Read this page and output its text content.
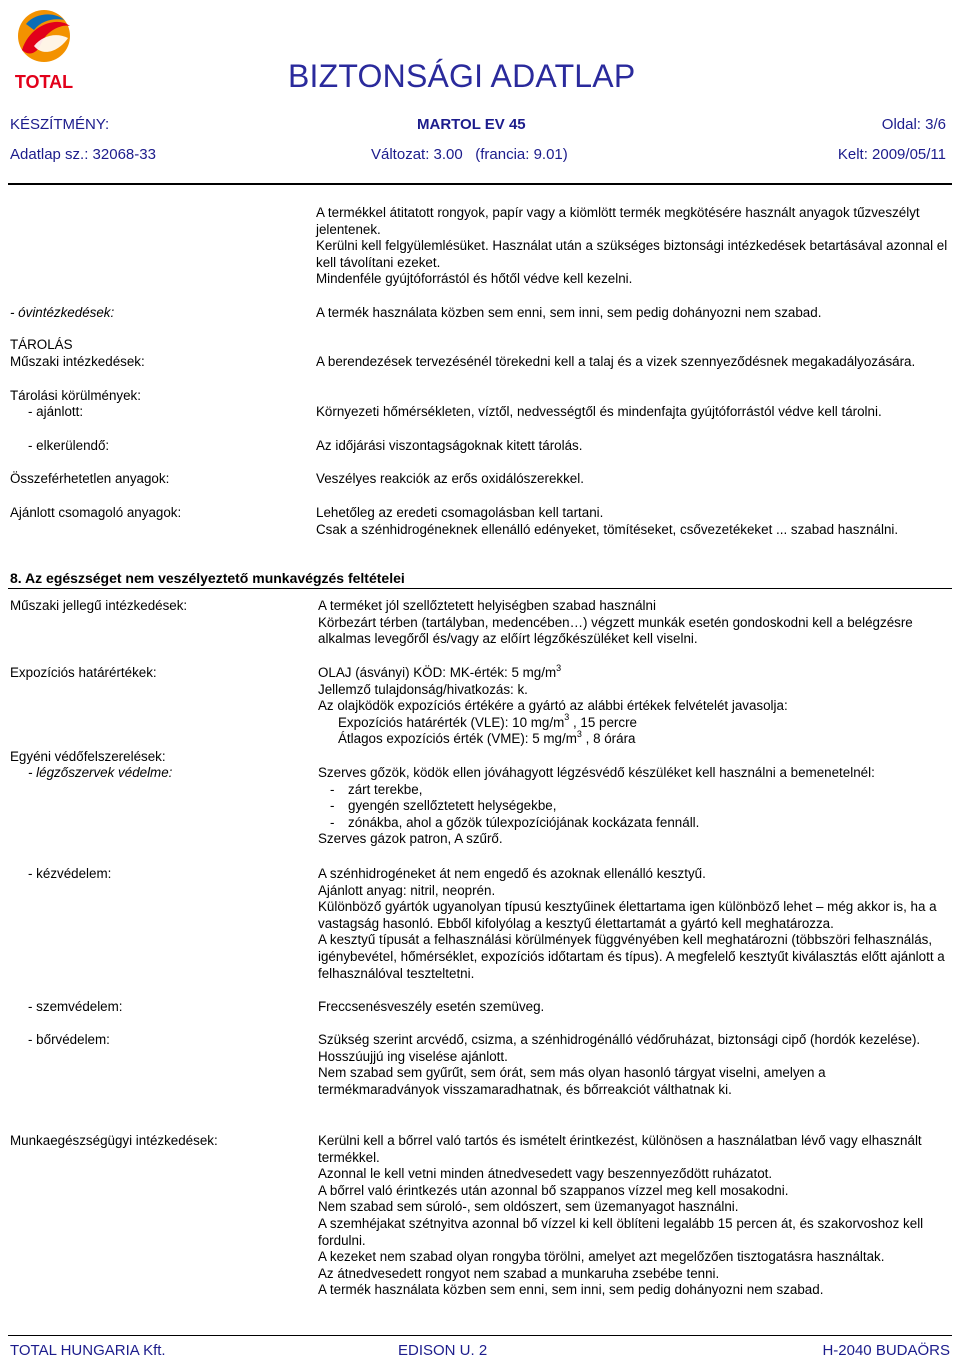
TOTAL	BIZTONSÁGI ADATLAP
KÉSZÍTMÉNY:	MARTOL EV 45	Oldal: 3/6
Adatlap sz.: 32068-33	Változat: 3.00   (francia: 9.01)	Kelt: 2009/05/11
A termékkel átitatott rongyok, papír vagy a kiömlött termék megkötésére használt anyagok tűzveszélyt jelentenek.
Kerülni kell felgyülemlésüket. Használat után a szükséges biztonsági intézkedések betartásával azonnal el kell távolítani ezeket.
Mindenféle gyújtóforrástól és hőtől védve kell kezelni.
- óvintézkedések:	A termék használata közben sem enni, sem inni, sem pedig dohányozni nem szabad.
TÁROLÁS
Műszaki intézkedések:	A berendezések tervezésénél törekedni kell a talaj és a vizek szennyeződésnek megakadályozására.
Tárolási körülmények:
- ajánlott:	Környezeti hőmérsékleten, víztől, nedvességtől és mindenfajta gyújtóforrástól védve kell tárolni.
- elkerülendő:	Az időjárási viszontagságoknak kitett tárolás.
Összeférhetetlen anyagok:	Veszélyes reakciók az erős oxidálószerekkel.
Ajánlott csomagoló anyagok:	Lehetőleg az eredeti csomagolásban kell tartani.
Csak a szénhidrogéneknek ellenálló edényeket, tömítéseket, csővezetékeket ... szabad használni.
8. Az egészséget nem veszélyeztető munkavégzés feltételei
Műszaki jellegű intézkedések:	A terméket jól szellőztetett helyiségben szabad használni
Körbezárt térben (tartályban, medencében…) végzett munkák esetén gondoskodni kell a belégzésre alkalmas levegőről és/vagy az előírt légzőkészüléket kell viselni.
Expozíciós határértékek:	OLAJ (ásványi) KÖD: MK-érték: 5 $mg/m^3$
Jellemző tulajdonság/hivatkozás: k.
Az olajködök expozíciós értékére a gyártó az alábbi értékek felvételét javasolja:
Expozíciós határérték (VLE): 10 $mg/m^3$ , 15 percre
Átlagos expozíciós érték (VME): 5 $mg/m^3$ , 8 órára
Egyéni védőfelszerelések:
- légzőszervek védelme:	Szerves gőzök, ködök ellen jóváhagyott légzésvédő készüléket kell használni a bemenetelnél:
- zárt terekbe,
- gyengén szellőztetett helységekbe,
- zónákba, ahol a gőzök túlexpozíciójának kockázata fennáll.
Szerves gázok patron, A szűrő.
- kézvédelem:	A szénhidrogéneket át nem engedő és azoknak ellenálló kesztyű.
Ajánlott anyag: nitril, neoprén.
Különböző gyártók ugyanolyan típusú kesztyűinek élettartama igen különböző lehet – még akkor is, ha a vastagság hasonló. Ebből kifolyólag a kesztyű élettartamát a gyártó kell meghatározza.
A kesztyű típusát a felhasználási körülmények függvényében kell meghatározni (többszöri felhasználás, igénybevétel, hőmérséklet, expozíciós időtartam és típus). A megfelelő kesztyűt kiválasztás előtt ajánlott a felhasználóval teszteltetni.
- szemvédelem:	Freccsenésveszély esetén szemüveg.
- bőrvédelem:	Szükség szerint arcvédő, csizma, a szénhidrogénálló védőruházat, biztonsági cipő (hordók kezelése).
Hosszúujjú ing viselése ajánlott.
Nem szabad sem gyűrűt, sem órát, sem más olyan hasonló tárgyat viselni, amelyen a termékmaradványok visszamaradhatnak, és bőrreakciót válthatnak ki.
Munkaegészségügyi intézkedések:	Kerülni kell a bőrrel való tartós és ismételt érintkezést, különösen a használatban lévő vagy elhasznált termékkel.
Azonnal le kell vetni minden átnedvesedett vagy beszennyeződött ruházatot.
A bőrrel való érintkezés után azonnal bő szappanos vízzel meg kell mosakodni.
Nem szabad sem súroló-, sem oldószert, sem üzemanyagot használni.
A szemhéjakat szétnyitva azonnal bő vízzel ki kell öblíteni legalább 15 percen át, és szakorvoshoz kell fordulni.
A kezeket nem szabad olyan rongyba törölni, amelyet azt megelőzően tisztogatásra használtak.
Az átnedvesedett rongyot nem szabad a munkaruha zsebébe tenni.
A termék használata közben sem enni, sem inni, sem pedig dohányozni nem szabad.
TOTAL HUNGARIA Kft.	EDISON U. 2	H-2040 BUDAÖRS
